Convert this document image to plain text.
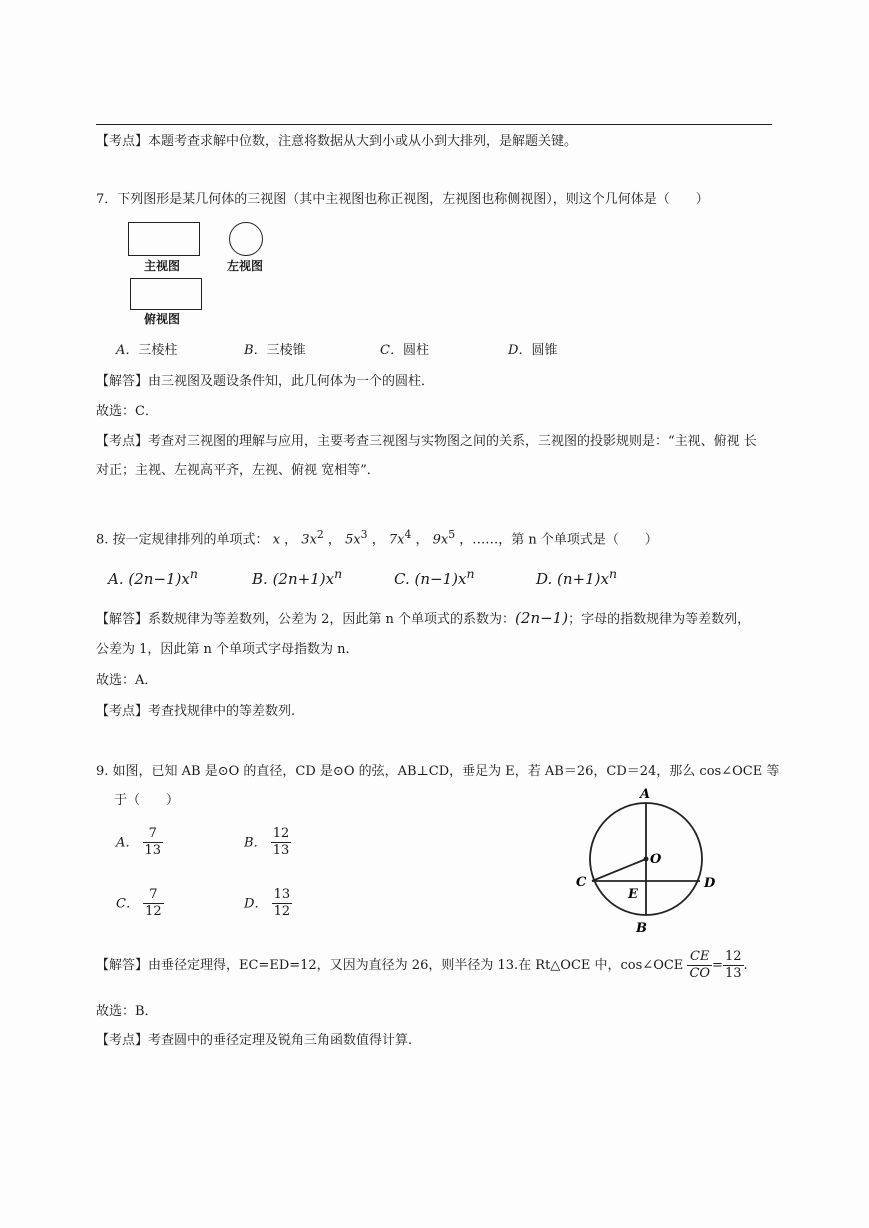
【考点】本题考查求解中位数，注意将数据从大到小或从小到大排列，是解题关键。
7．下列图形是某几何体的三视图（其中主视图也称正视图，左视图也称侧视图），则这个几何体是（　　）
主视图	左视图
俯视图
A．三棱柱	B．三棱锥	C．圆柱	D．圆锥
【解答】由三视图及题设条件知，此几何体为一个的圆柱．
故选：C．
【考点】考查对三视图的理解与应用，主要考查三视图与实物图之间的关系，三视图的投影规则是：“主视、俯视 长
对正；主视、左视高平齐，左视、俯视 宽相等”．
8. 按一定规律排列的单项式： x ， $3x^2$ ， $5x^3$ ， $7x^4$ ， $9x^5$ ，……，第 n 个单项式是（　　）
A. $(2n-1)x^n$	B. $(2n+1)x^n$	C. $(n-1)x^n$	D. $(n+1)x^n$
【解答】系数规律为等差数列，公差为 2，因此第 n 个单项式的系数为：(2n−1)；字母的指数规律为等差数列，
公差为 1，因此第 n 个单项式字母指数为 n.
故选：A．
【考点】考查找规律中的等差数列.
9. 如图，已知 AB 是⊙O 的直径，CD 是⊙O 的弦，AB⊥CD，垂足为 E，若 AB＝26，CD＝24，那么 cos∠OCE 等
于（　　）
A． $\frac{7}{13}$	B． $\frac{12}{13}$
C． $\frac{7}{12}$	D． $\frac{13}{12}$
A
O
C	D
E
B
【解答】由垂径定理得，EC=ED=12，又因为直径为 26，则半径为 13.在 Rt△OCE 中，cos∠OCE $\frac{CE}{CO} = \frac{12}{13}$ .
故选：B．
【考点】考查圆中的垂径定理及锐角三角函数值得计算.
